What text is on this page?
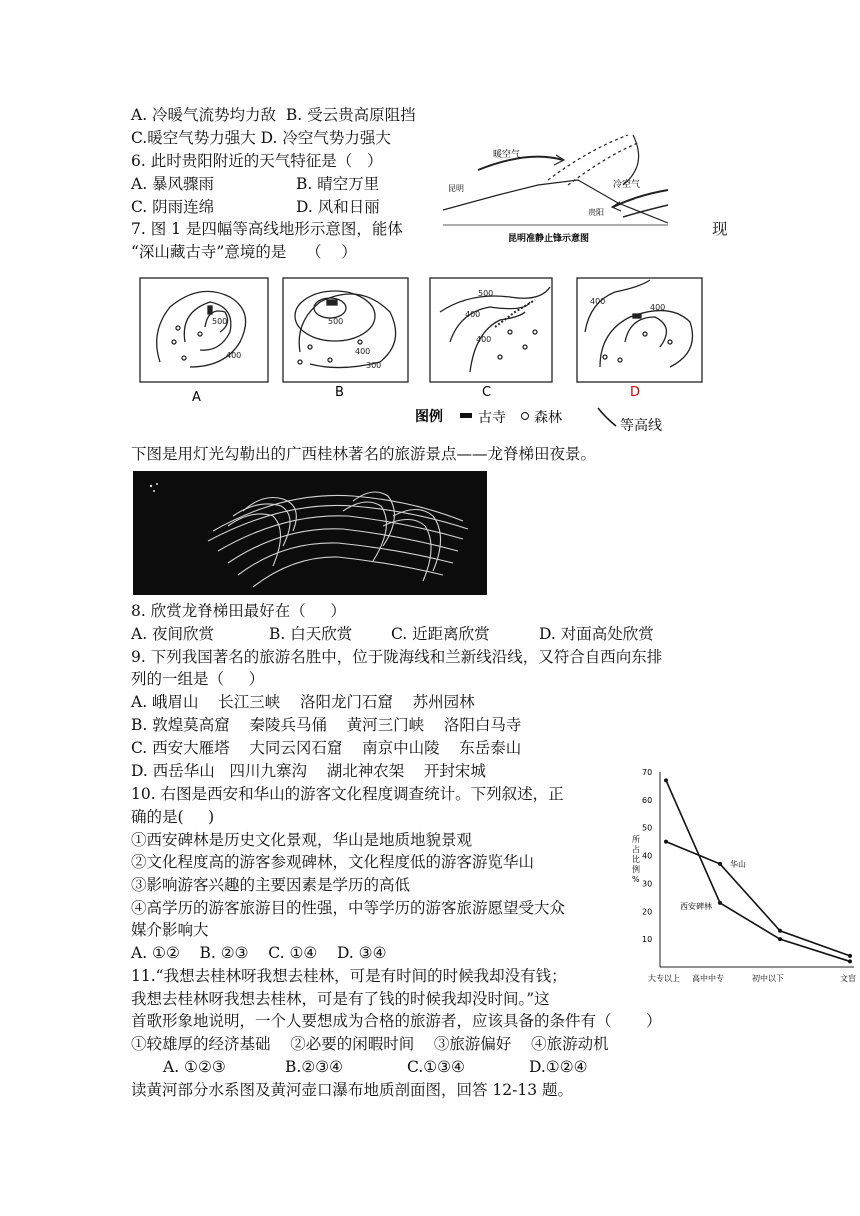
A. 冷暖气流势均力敌  B. 受云贵高原阻挡
C.暖空气势力强大 D. 冷空气势力强大
6. 此时贵阳附近的天气特征是（   ）
A. 暴风骤雨	B. 晴空万里
C. 阴雨连绵	D. 风和日丽
暖空气
冷空气
昆明
贵阳
昆明准静止锋示意图
7. 图 1 是四幅等高线地形示意图，能体	现
“深山藏古寺”意境的是    （    ）
500
400
500
400
300
500
400
400
400
400
A	B	C	D
图例	古寺 森林	等高线
下图是用灯光勾勒出的广西桂林著名的旅游景点——龙脊梯田夜景。
8. 欣赏龙脊梯田最好在（     ）
A. 夜间欣赏	B. 白天欣赏	C. 近距离欣赏	D. 对面高处欣赏
9. 下列我国著名的旅游名胜中，位于陇海线和兰新线沿线，又符合自西向东排
列的一组是（     ）
A. 峨眉山    长江三峡    洛阳龙门石窟    苏州园林
B. 敦煌莫高窟    秦陵兵马俑    黄河三门峡    洛阳白马寺
C. 西安大雁塔    大同云冈石窟    南京中山陵    东岳泰山
D. 西岳华山   四川九寨沟    湖北神农架    开封宋城
10. 右图是西安和华山的游客文化程度调查统计。下列叙述，正
确的是(     )
①西安碑林是历史文化景观，华山是地质地貌景观
②文化程度高的游客参观碑林，文化程度低的游客游览华山
③影响游客兴趣的主要因素是学历的高低
④高学历的游客旅游目的性强，中等学历的游客旅游愿望受大众
媒介影响大
A. ①②    B. ②③    C. ①④    D. ③④
10
20
30
40
50
60
70
大专以上 高中中专	初中以下	文盲
西安碑林
华山
所
占
比
例
%
11.“我想去桂林呀我想去桂林，可是有时间的时候我却没有钱；
我想去桂林呀我想去桂林，可是有了钱的时候我却没时间。”这
首歌形象地说明，一个人要想成为合格的旅游者，应该具备的条件有（       ）
①较雄厚的经济基础    ②必要的闲暇时间    ③旅游偏好    ④旅游动机
A. ①②③	B.②③④	C.①③④	D.①②④
读黄河部分水系图及黄河壶口瀑布地质剖面图，回答 12-13 题。
